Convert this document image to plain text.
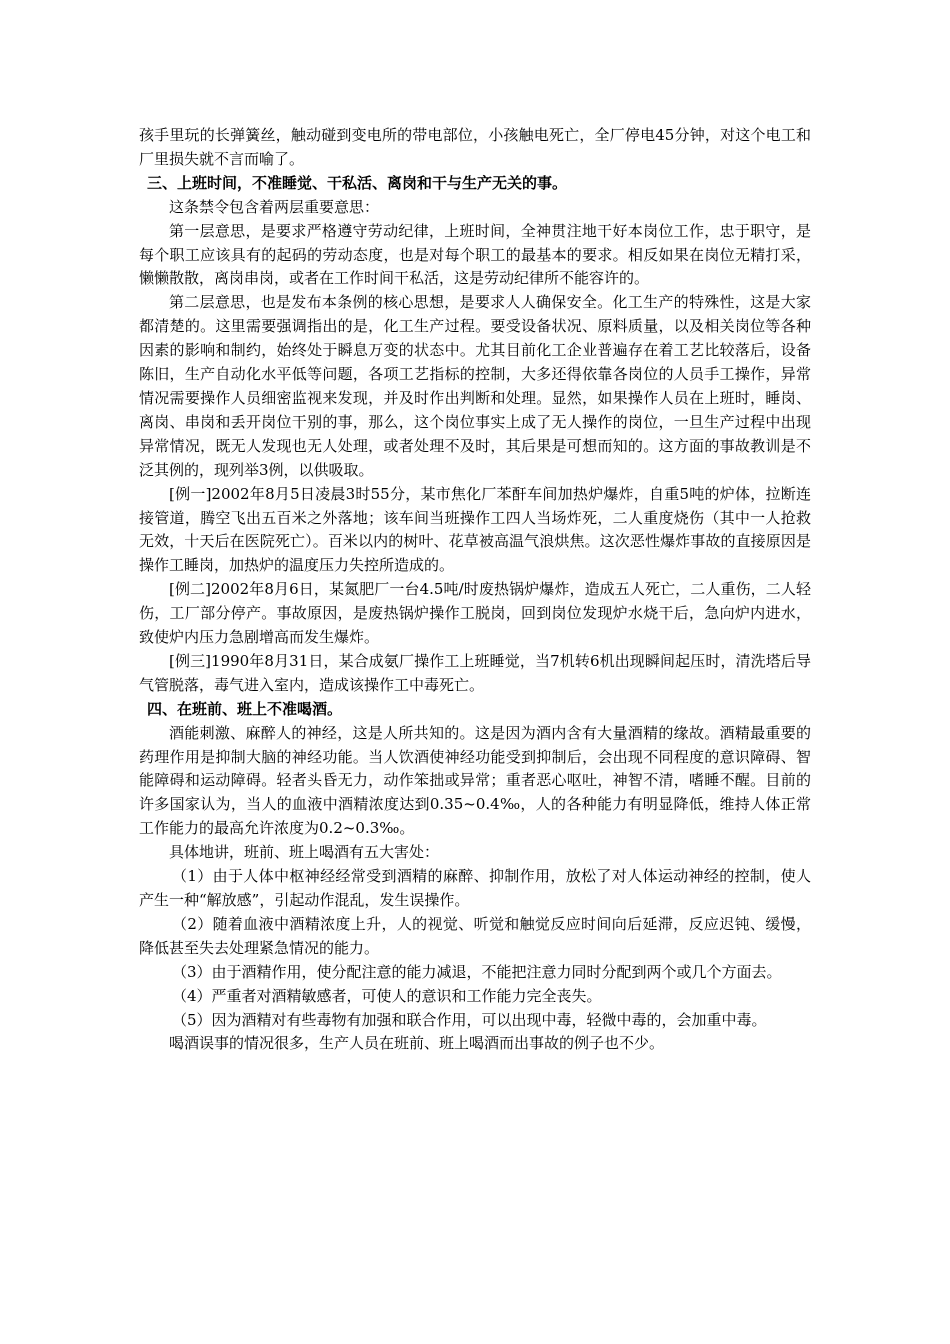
孩手里玩的长弹簧丝，触动碰到变电所的带电部位，小孩触电死亡，全厂停电45分钟，对这个电工和厂里损失就不言而喻了。

三、上班时间，不准睡觉、干私活、离岗和干与生产无关的事。

这条禁令包含着两层重要意思：

第一层意思，是要求严格遵守劳动纪律，上班时间，全神贯注地干好本岗位工作，忠于职守，是每个职工应该具有的起码的劳动态度，也是对每个职工的最基本的要求。相反如果在岗位无精打采，懒懒散散，离岗串岗，或者在工作时间干私活，这是劳动纪律所不能容许的。

第二层意思，也是发布本条例的核心思想，是要求人人确保安全。化工生产的特殊性，这是大家都清楚的。这里需要强调指出的是，化工生产过程。要受设备状况、原料质量，以及相关岗位等各种因素的影响和制约，始终处于瞬息万变的状态中。尤其目前化工企业普遍存在着工艺比较落后，设备陈旧，生产自动化水平低等问题，各项工艺指标的控制，大多还得依靠各岗位的人员手工操作，异常情况需要操作人员细密监视来发现，并及时作出判断和处理。显然，如果操作人员在上班时，睡岗、离岗、串岗和丢开岗位干别的事，那么，这个岗位事实上成了无人操作的岗位，一旦生产过程中出现异常情况，既无人发现也无人处理，或者处理不及时，其后果是可想而知的。这方面的事故教训是不泛其例的，现列举3例，以供吸取。

[例一]2002年8月5日凌晨3时55分，某市焦化厂苯酐车间加热炉爆炸，自重5吨的炉体，拉断连接管道，腾空飞出五百米之外落地；该车间当班操作工四人当场炸死，二人重度烧伤（其中一人抢救无效，十天后在医院死亡）。百米以内的树叶、花草被高温气浪烘焦。这次恶性爆炸事故的直接原因是操作工睡岗，加热炉的温度压力失控所造成的。

[例二]2002年8月6日，某氮肥厂一台4.5吨/时废热锅炉爆炸，造成五人死亡，二人重伤，二人轻伤，工厂部分停产。事故原因，是废热锅炉操作工脱岗，回到岗位发现炉水烧干后，急向炉内进水，致使炉内压力急剧增高而发生爆炸。

[例三]1990年8月31日，某合成氨厂操作工上班睡觉，当7机转6机出现瞬间起压时，清洗塔后导气管脱落，毒气进入室内，造成该操作工中毒死亡。

四、在班前、班上不准喝酒。

酒能刺激、麻醉人的神经，这是人所共知的。这是因为酒内含有大量酒精的缘故。酒精最重要的药理作用是抑制大脑的神经功能。当人饮酒使神经功能受到抑制后，会出现不同程度的意识障碍、智能障碍和运动障碍。轻者头昏无力，动作笨拙或异常；重者恶心呕吐，神智不清，嗜睡不醒。目前的许多国家认为，当人的血液中酒精浓度达到0.35~0.4‰，人的各种能力有明显降低，维持人体正常工作能力的最高允许浓度为0.2~0.3‰。

具体地讲，班前、班上喝酒有五大害处：

（1）由于人体中枢神经经常受到酒精的麻醉、抑制作用，放松了对人体运动神经的控制，使人产生一种“解放感”，引起动作混乱，发生误操作。

（2）随着血液中酒精浓度上升，人的视觉、听觉和触觉反应时间向后延滞，反应迟钝、缓慢，降低甚至失去处理紧急情况的能力。

（3）由于酒精作用，使分配注意的能力减退，不能把注意力同时分配到两个或几个方面去。

（4）严重者对酒精敏感者，可使人的意识和工作能力完全丧失。

（5）因为酒精对有些毒物有加强和联合作用，可以出现中毒，轻微中毒的，会加重中毒。

喝酒误事的情况很多，生产人员在班前、班上喝酒而出事故的例子也不少。
